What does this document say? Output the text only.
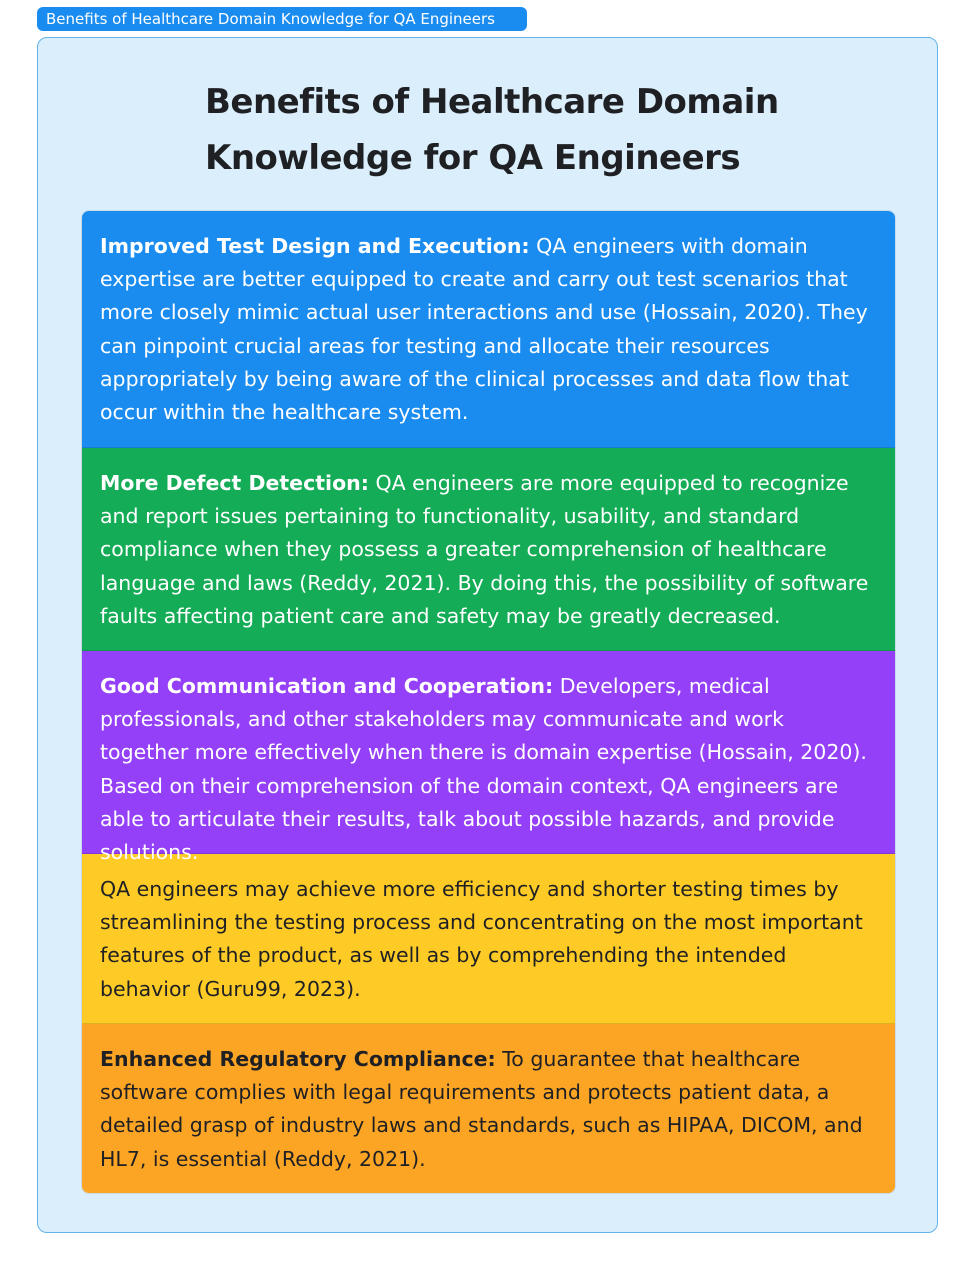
Benefits of Healthcare Domain Knowledge for QA Engineers
Benefits of Healthcare Domain Knowledge for QA Engineers
Improved Test Design and Execution: QA engineers with domain expertise are better equipped to create and carry out test scenarios that more closely mimic actual user interactions and use (Hossain, 2020). They can pinpoint crucial areas for testing and allocate their resources appropriately by being aware of the clinical processes and data flow that occur within the healthcare system.
More Defect Detection: QA engineers are more equipped to recognize and report issues pertaining to functionality, usability, and standard compliance when they possess a greater comprehension of healthcare language and laws (Reddy, 2021). By doing this, the possibility of software faults affecting patient care and safety may be greatly decreased.
Good Communication and Cooperation: Developers, medical professionals, and other stakeholders may communicate and work together more effectively when there is domain expertise (Hossain, 2020). Based on their comprehension of the domain context, QA engineers are able to articulate their results, talk about possible hazards, and provide solutions.
QA engineers may achieve more efficiency and shorter testing times by streamlining the testing process and concentrating on the most important features of the product, as well as by comprehending the intended behavior (Guru99, 2023).
Enhanced Regulatory Compliance: To guarantee that healthcare software complies with legal requirements and protects patient data, a detailed grasp of industry laws and standards, such as HIPAA, DICOM, and HL7, is essential (Reddy, 2021).
